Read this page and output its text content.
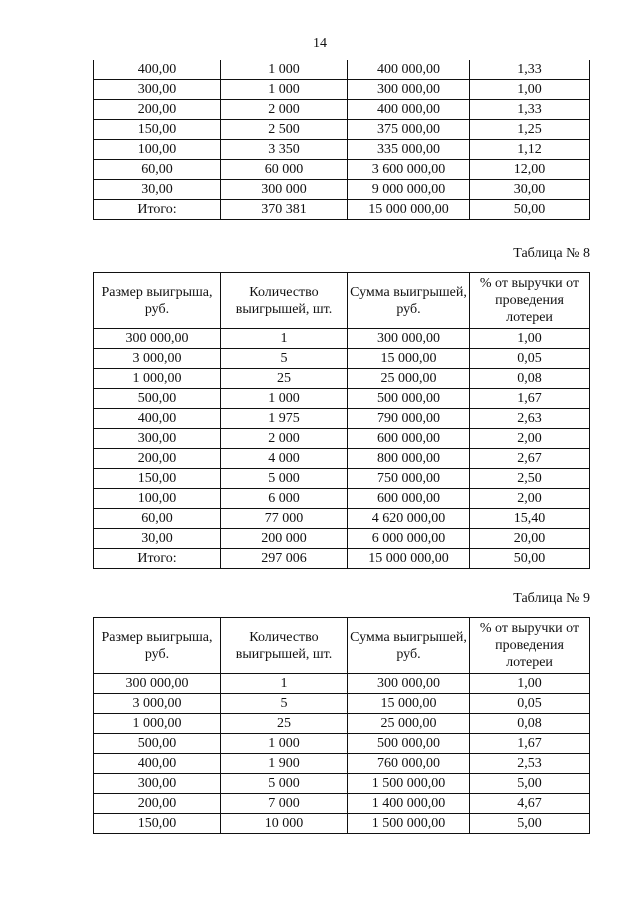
14
400,00	1 000	400 000,00	1,33
300,00	1 000	300 000,00	1,00
200,00	2 000	400 000,00	1,33
150,00	2 500	375 000,00	1,25
100,00	3 350	335 000,00	1,12
60,00	60 000	3 600 000,00	12,00
30,00	300 000	9 000 000,00	30,00
Итого:	370 381	15 000 000,00	50,00
Таблица № 8
Размер выигрыша, руб.	Количество выигрышей, шт.	Сумма выигрышей, руб.	% от выручки от проведения лотереи
300 000,00	1	300 000,00	1,00
3 000,00	5	15 000,00	0,05
1 000,00	25	25 000,00	0,08
500,00	1 000	500 000,00	1,67
400,00	1 975	790 000,00	2,63
300,00	2 000	600 000,00	2,00
200,00	4 000	800 000,00	2,67
150,00	5 000	750 000,00	2,50
100,00	6 000	600 000,00	2,00
60,00	77 000	4 620 000,00	15,40
30,00	200 000	6 000 000,00	20,00
Итого:	297 006	15 000 000,00	50,00
Таблица № 9
Размер выигрыша, руб.	Количество выигрышей, шт.	Сумма выигрышей, руб.	% от выручки от проведения лотереи
300 000,00	1	300 000,00	1,00
3 000,00	5	15 000,00	0,05
1 000,00	25	25 000,00	0,08
500,00	1 000	500 000,00	1,67
400,00	1 900	760 000,00	2,53
300,00	5 000	1 500 000,00	5,00
200,00	7 000	1 400 000,00	4,67
150,00	10 000	1 500 000,00	5,00
